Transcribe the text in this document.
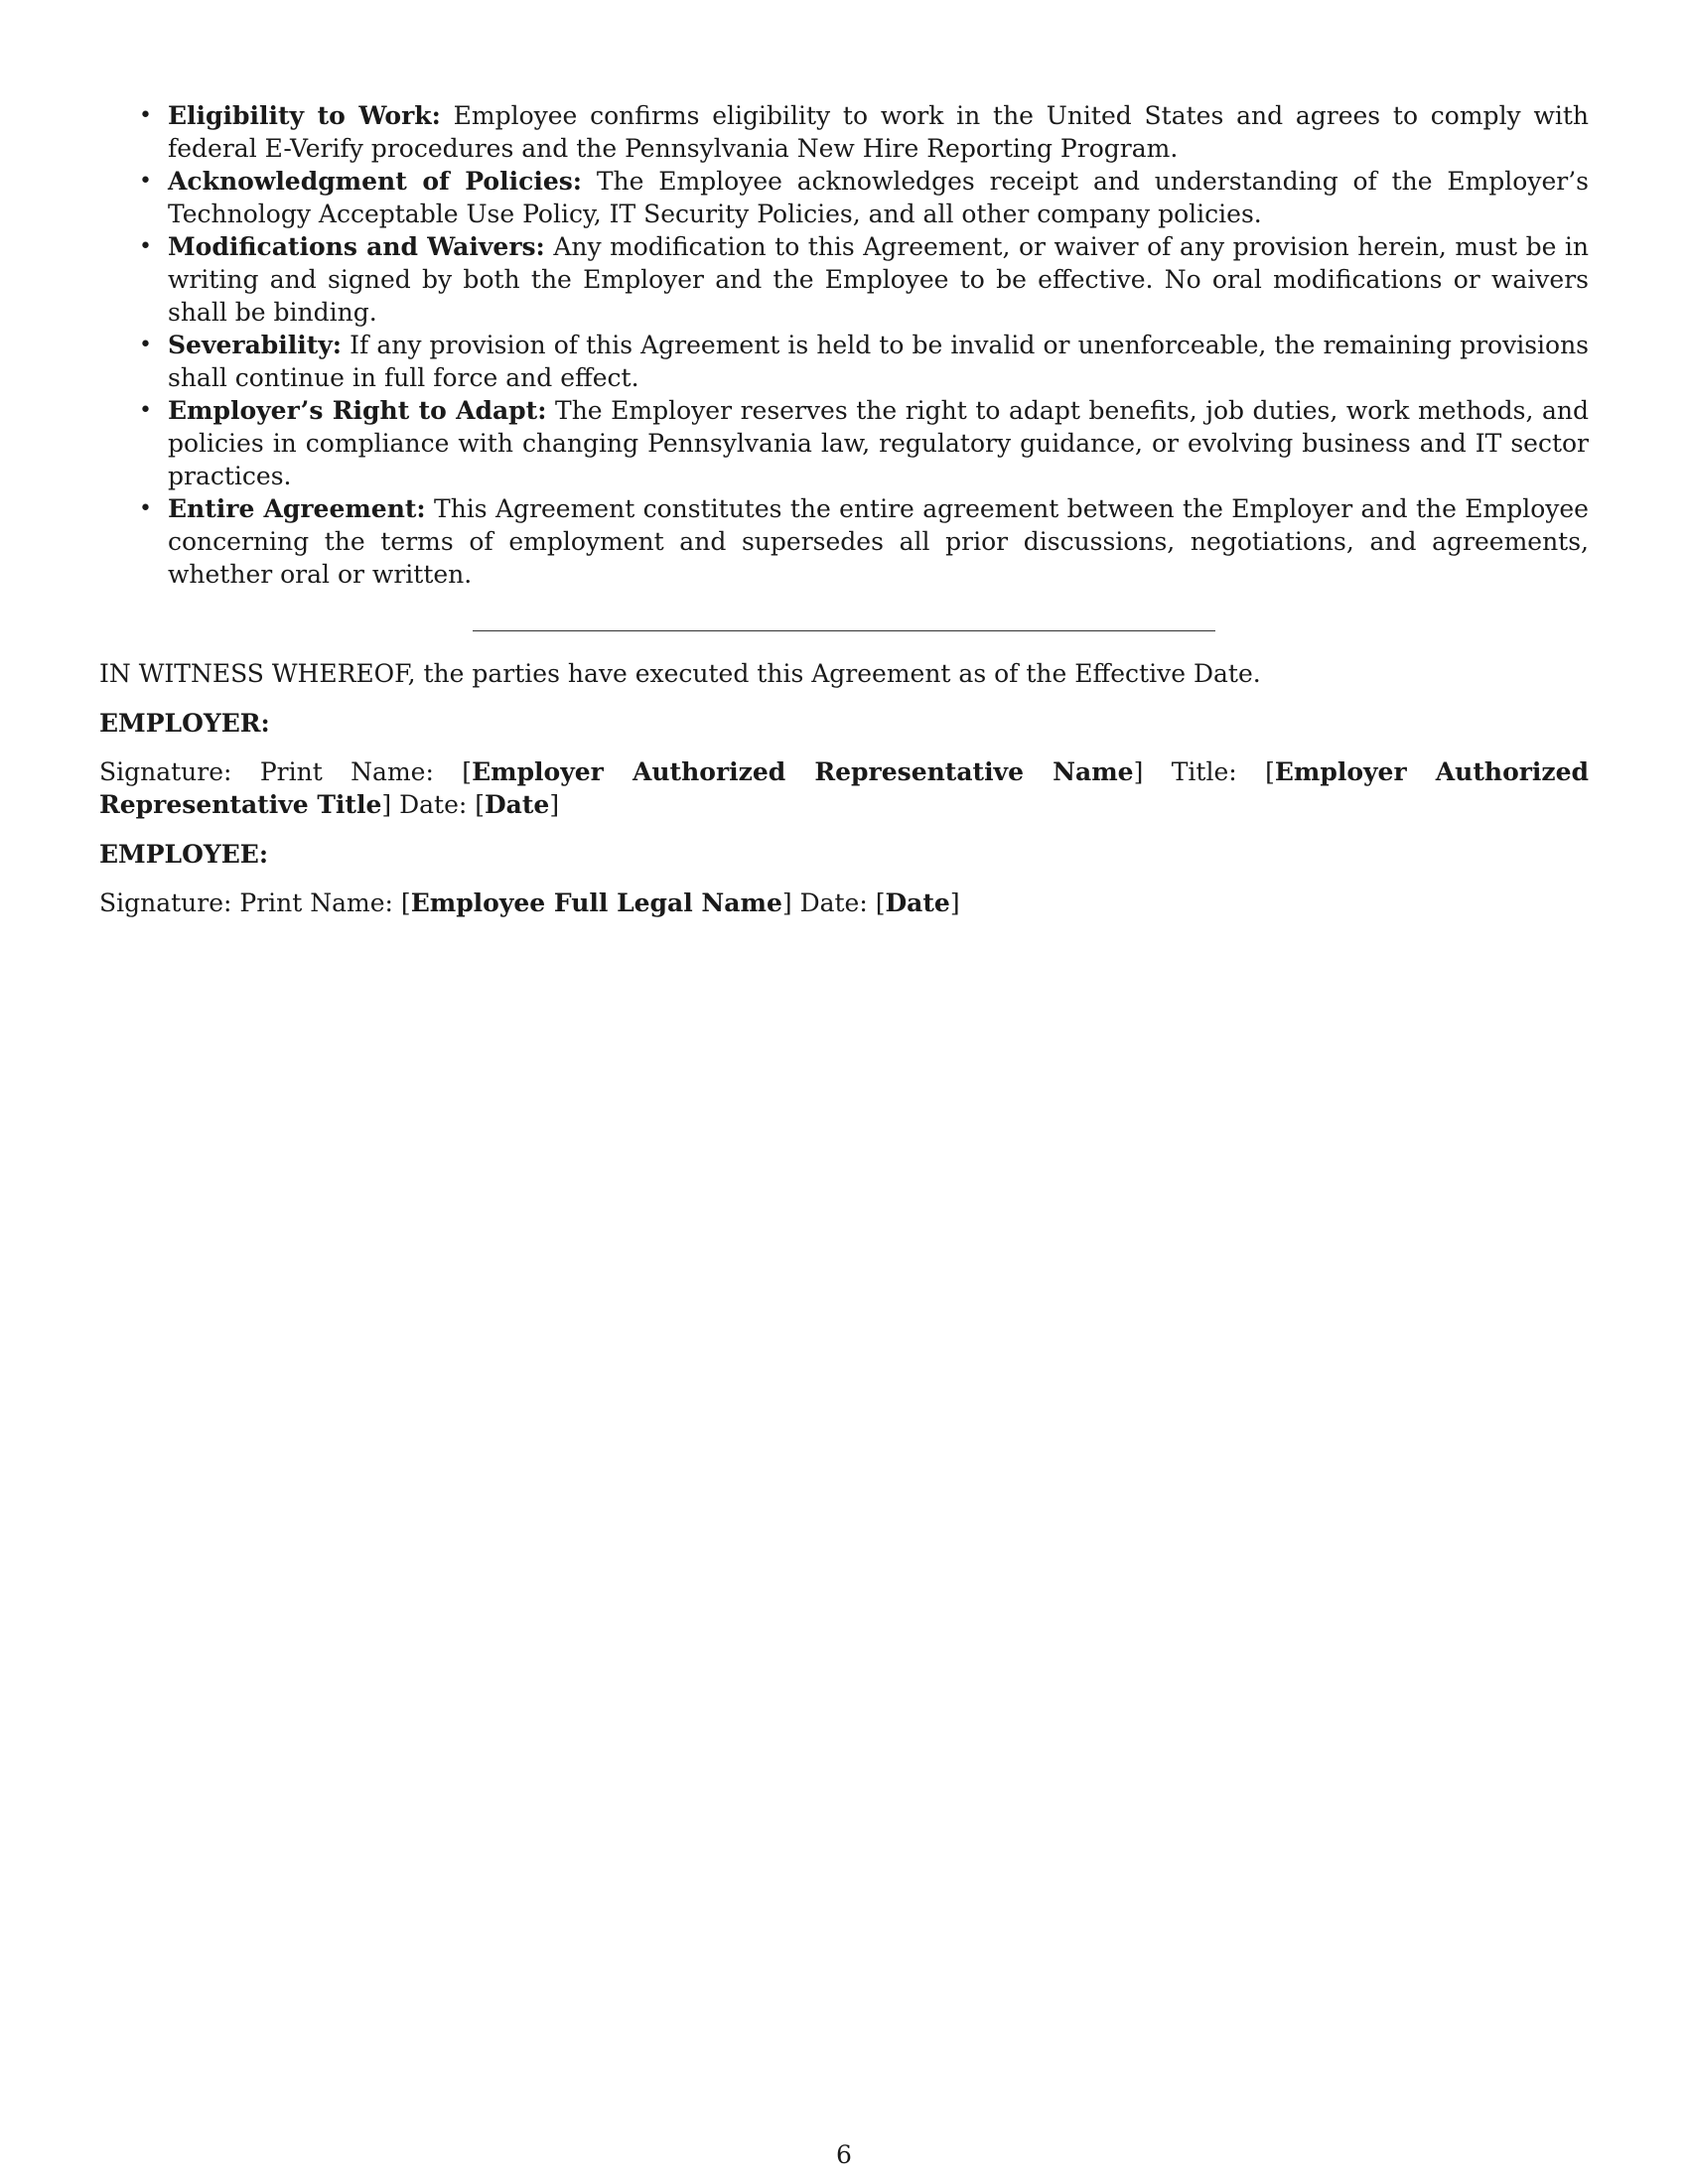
• Eligibility to Work: Employee confirms eligibility to work in the United States and agrees to comply with federal E-Verify procedures and the Pennsylvania New Hire Reporting Program.
• Acknowledgment of Policies: The Employee acknowledges receipt and understanding of the Employer’s Technology Acceptable Use Policy, IT Security Policies, and all other company policies.
• Modifications and Waivers: Any modification to this Agreement, or waiver of any provision herein, must be in writing and signed by both the Employer and the Employee to be effective. No oral modifications or waivers shall be binding.
• Severability: If any provision of this Agreement is held to be invalid or unenforceable, the remaining provisions shall continue in full force and effect.
• Employer’s Right to Adapt: The Employer reserves the right to adapt benefits, job duties, work methods, and policies in compliance with changing Pennsylvania law, regulatory guidance, or evolving business and IT sector practices.
• Entire Agreement: This Agreement constitutes the entire agreement between the Employer and the Employee concerning the terms of employment and supersedes all prior discussions, negotiations, and agreements, whether oral or written.

IN WITNESS WHEREOF, the parties have executed this Agreement as of the Effective Date.

EMPLOYER:

Signature: Print Name: [Employer Authorized Representative Name] Title: [Employer Authorized Representative Title] Date: [Date]

EMPLOYEE:

Signature: Print Name: [Employee Full Legal Name] Date: [Date]

6
